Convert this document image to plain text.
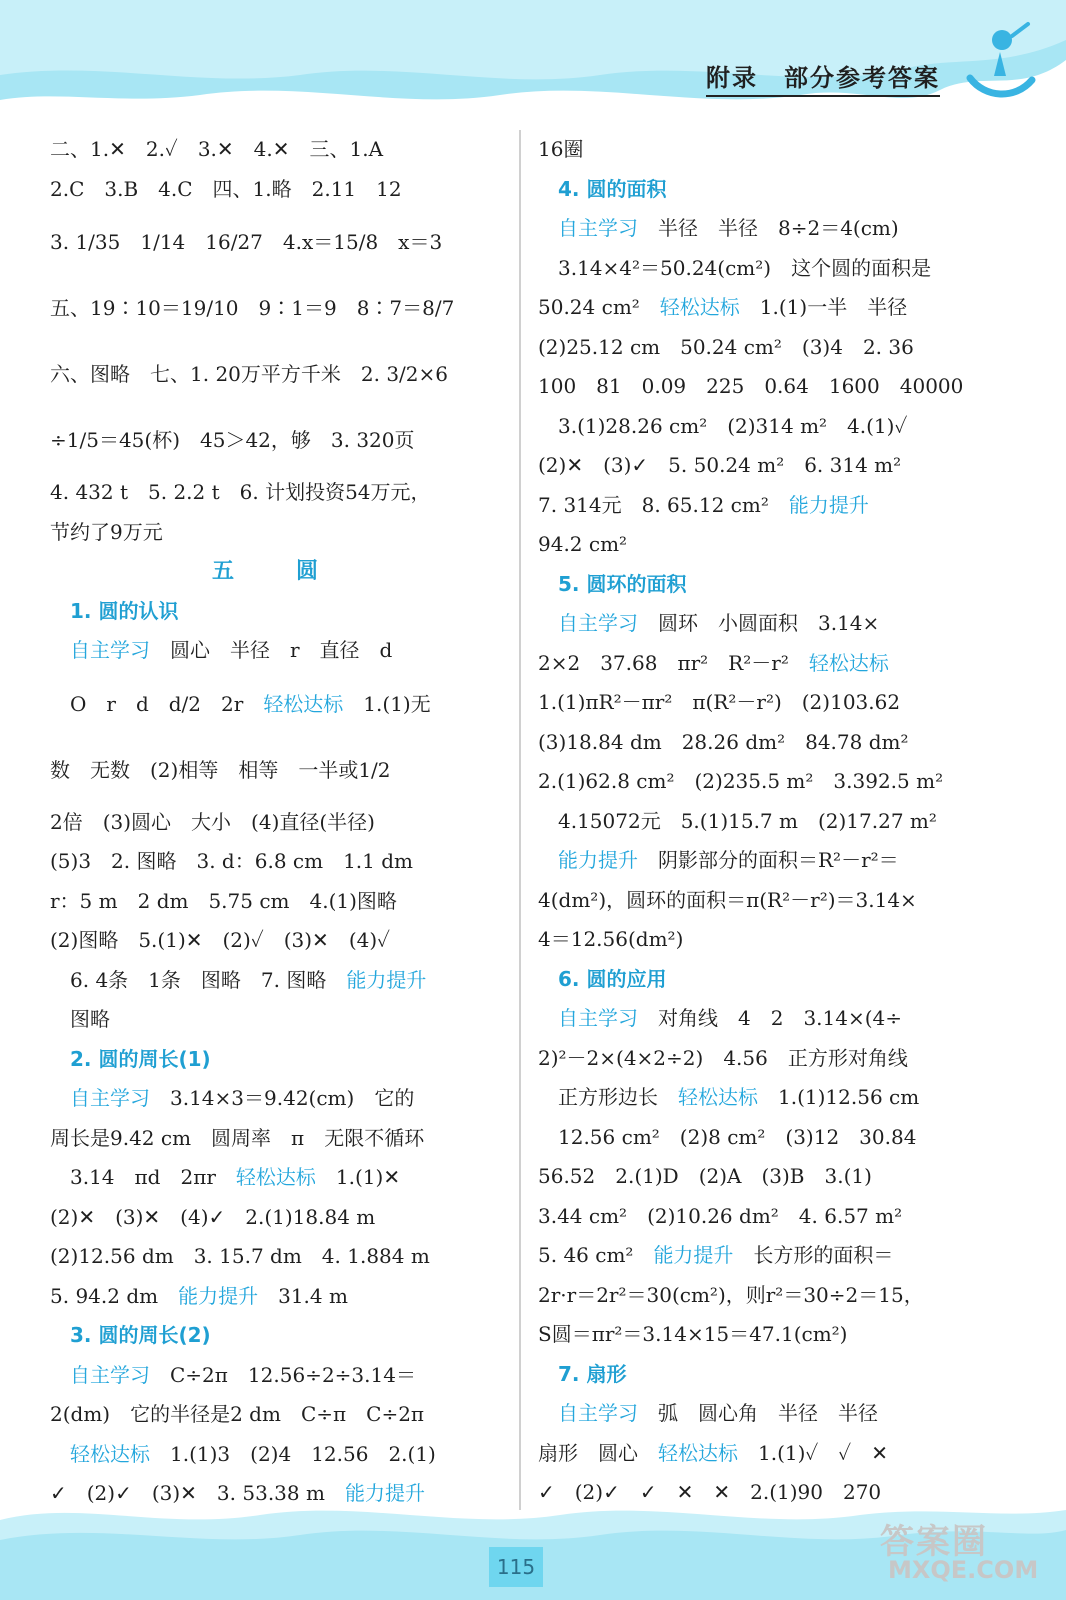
附录 部分参考答案
二、1.✕　2.✓　3.✕　4.✕　三、1.A
2.C　3.B　4.C　四、1.略　2.11　12
3. 1/35　1/14　16/27　4.x＝15/8　x＝3
五、19∶10＝19/10　9∶1＝9　8∶7＝8/7
六、图略　七、1. 20万平方千米　2. 3/2×6
÷1/5＝45(杯)　45＞42，够　3. 320页
4. 432 t　5. 2.2 t　6. 计划投资54万元，
节约了9万元
五　圆
　1. 圆的认识
　自主学习　圆心　半径　r　直径　d
　O　r　d　d/2　2r　轻松达标　1.(1)无
数　无数　(2)相等　相等　一半或1/2
2倍　(3)圆心　大小　(4)直径(半径)
(5)3　2. 图略　3. d：6.8 cm　1.1 dm
r：5 m　2 dm　5.75 cm　4.(1)图略
(2)图略　5.(1)✕　(2)✓　(3)✕　(4)✓
　6. 4条　1条　图略　7. 图略　能力提升
　图略
　2. 圆的周长(1)
　自主学习　3.14×3＝9.42(cm)　它的
周长是9.42 cm　圆周率　π　无限不循环
　3.14　πd　2πr　轻松达标　1.(1)✕
(2)✕　(3)✕　(4)✓　2.(1)18.84 m
(2)12.56 dm　3. 15.7 dm　4. 1.884 m
5. 94.2 dm　能力提升　31.4 m
　3. 圆的周长(2)
　自主学习　C÷2π　12.56÷2÷3.14＝
2(dm)　它的半径是2 dm　C÷π　C÷2π
　轻松达标　1.(1)3　(2)4　12.56　2.(1)
✓　(2)✓　(3)✕　3. 53.38 m　能力提升
16圈
　4. 圆的面积
　自主学习　半径　半径　8÷2＝4(cm)
　3.14×4²＝50.24(cm²)　这个圆的面积是
50.24 cm²　轻松达标　1.(1)一半　半径
(2)25.12 cm　50.24 cm²　(3)4　2. 36
100　81　0.09　225　0.64　1600　40000
　3.(1)28.26 cm²　(2)314 m²　4.(1)✓
(2)✕　(3)✓　5. 50.24 m²　6. 314 m²
7. 314元　8. 65.12 cm²　能力提升
94.2 cm²
　5. 圆环的面积
　自主学习　圆环　小圆面积　3.14×
2×2　37.68　πr²　R²－r²　轻松达标
1.(1)πR²－πr²　π(R²－r²)　(2)103.62
(3)18.84 dm　28.26 dm²　84.78 dm²
2.(1)62.8 cm²　(2)235.5 m²　3.392.5 m²
　4.15072元　5.(1)15.7 m　(2)17.27 m²
　能力提升　阴影部分的面积＝R²－r²＝
4(dm²)，圆环的面积＝π(R²－r²)＝3.14×
4＝12.56(dm²)
　6. 圆的应用
　自主学习　对角线　4　2　3.14×(4÷
2)²－2×(4×2÷2)　4.56　正方形对角线
　正方形边长　轻松达标　1.(1)12.56 cm
　12.56 cm²　(2)8 cm²　(3)12　30.84
56.52　2.(1)D　(2)A　(3)B　3.(1)
3.44 cm²　(2)10.26 dm²　4. 6.57 m²
5. 46 cm²　能力提升　长方形的面积＝
2r·r＝2r²＝30(cm²)，则r²＝30÷2＝15，
S圆＝πr²＝3.14×15＝47.1(cm²)
　7. 扇形
　自主学习　弧　圆心角　半径　半径
扇形　圆心　轻松达标　1.(1)✓　✓　✕
✓　(2)✓　✓　✕　✕　2.(1)90　270
115
答案圈
MXQE.COM
